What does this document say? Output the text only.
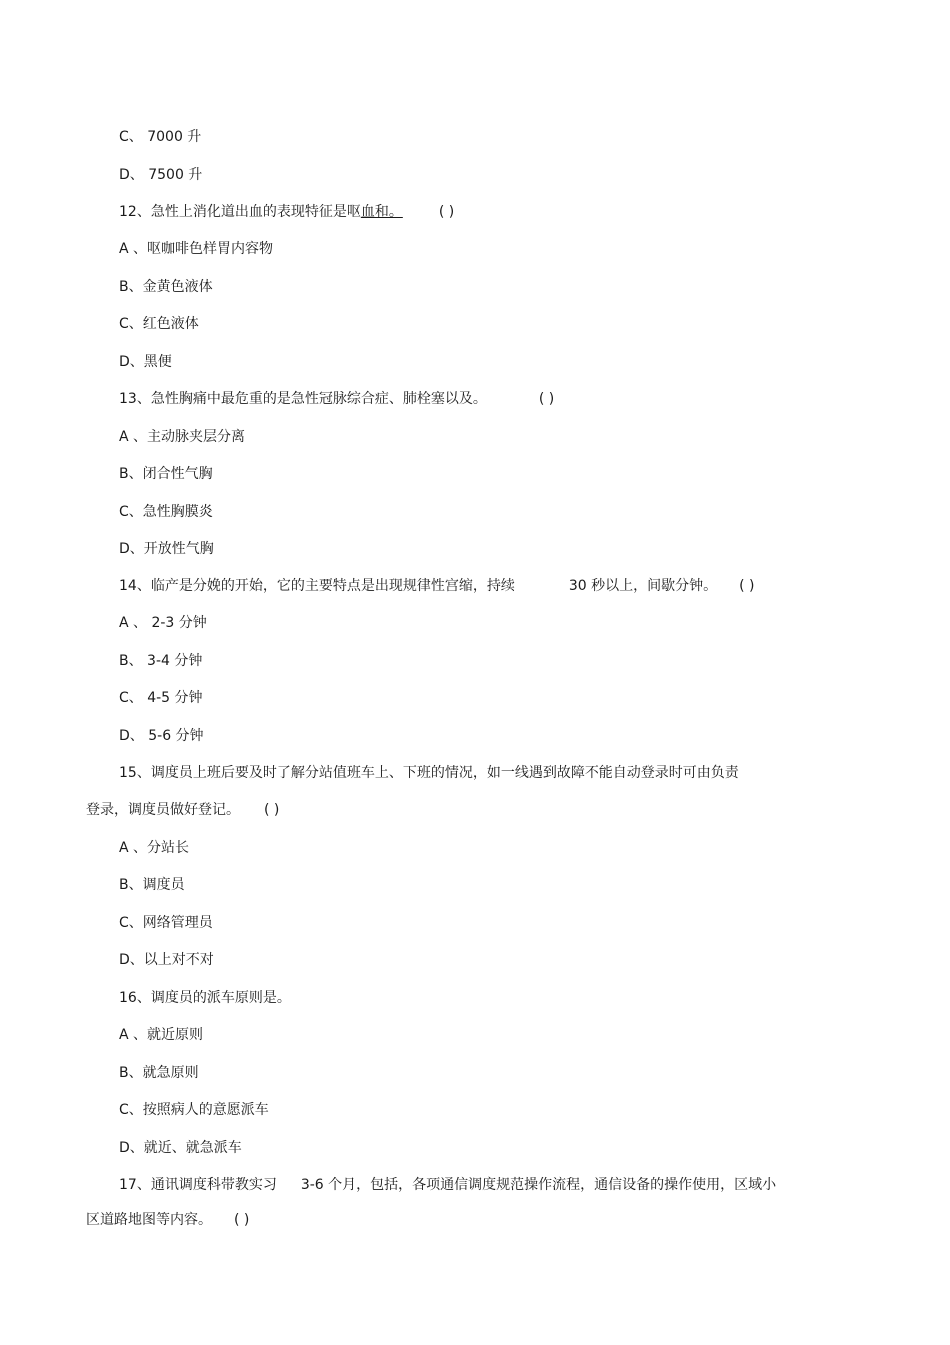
C、 7000 升
D、 7500 升
12、急性上消化道出血的表现特征是呕血和。	( )
A 、呕咖啡色样胃内容物
B、金黄色液体
C、红色液体
D、黑便
13、急性胸痛中最危重的是急性冠脉综合症、肺栓塞以及。	( )
A 、主动脉夹层分离
B、闭合性气胸
C、急性胸膜炎
D、开放性气胸
14、临产是分娩的开始，它的主要特点是出现规律性宫缩，持续	30 秒以上，间歇分钟。 ( )
A 、 2-3 分钟
B、 3-4 分钟
C、 4-5 分钟
D、 5-6 分钟
15、调度员上班后要及时了解分站值班车上、下班的情况，如一线遇到故障不能自动登录时可由负责
登录，调度员做好登记。 ( )
A 、分站长
B、调度员
C、网络管理员
D、以上对不对
16、调度员的派车原则是。
A 、就近原则
B、就急原则
C、按照病人的意愿派车
D、就近、就急派车
17、通讯调度科带教实习 3-6 个月，包括，各项通信调度规范操作流程，通信设备的操作使用，区域小
区道路地图等内容。 ( )
